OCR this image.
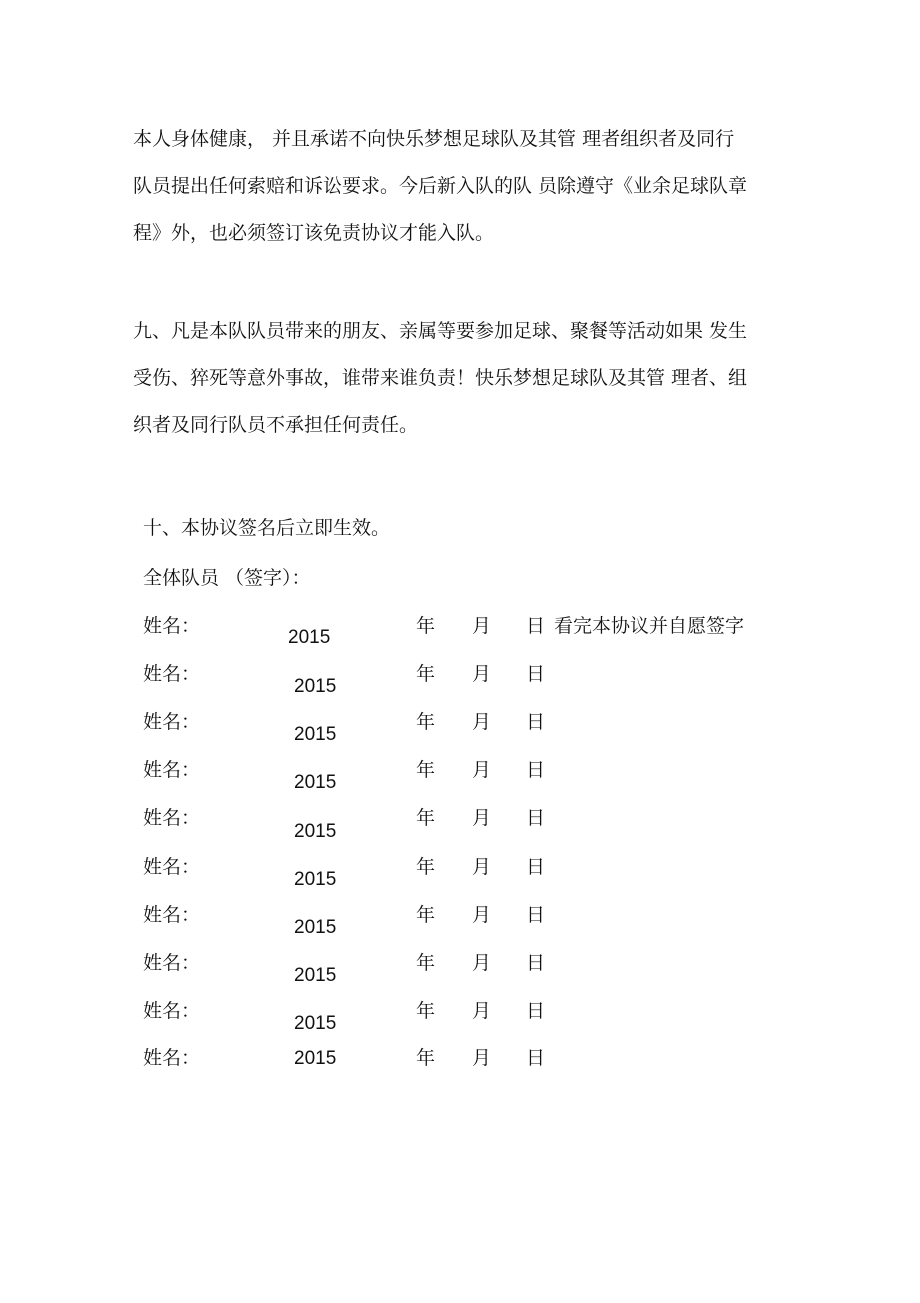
本人身体健康， 并且承诺不向快乐梦想足球队及其管 理者组织者及同行
队员提出任何索赔和诉讼要求。今后新入队的队 员除遵守《业余足球队章
程》外，也必须签订该免责协议才能入队。
九、凡是本队队员带来的朋友、亲属等要参加足球、聚餐等活动如果 发生
受伤、猝死等意外事故，谁带来谁负责！快乐梦想足球队及其管 理者、组
织者及同行队员不承担任何责任。
十、本协议签名后立即生效。
全体队员 （签字）：
姓名：
2015
年 月 日 看完本协议并自愿签字
姓名：
2015
年 月 日
姓名：
2015
年 月 日
姓名：
2015
年 月 日
姓名：
2015
年 月 日
姓名：
2015
年 月 日
姓名：
2015
年 月 日
姓名：
2015
年 月 日
姓名：
2015
年 月 日
姓名：	2015	年 月 日
